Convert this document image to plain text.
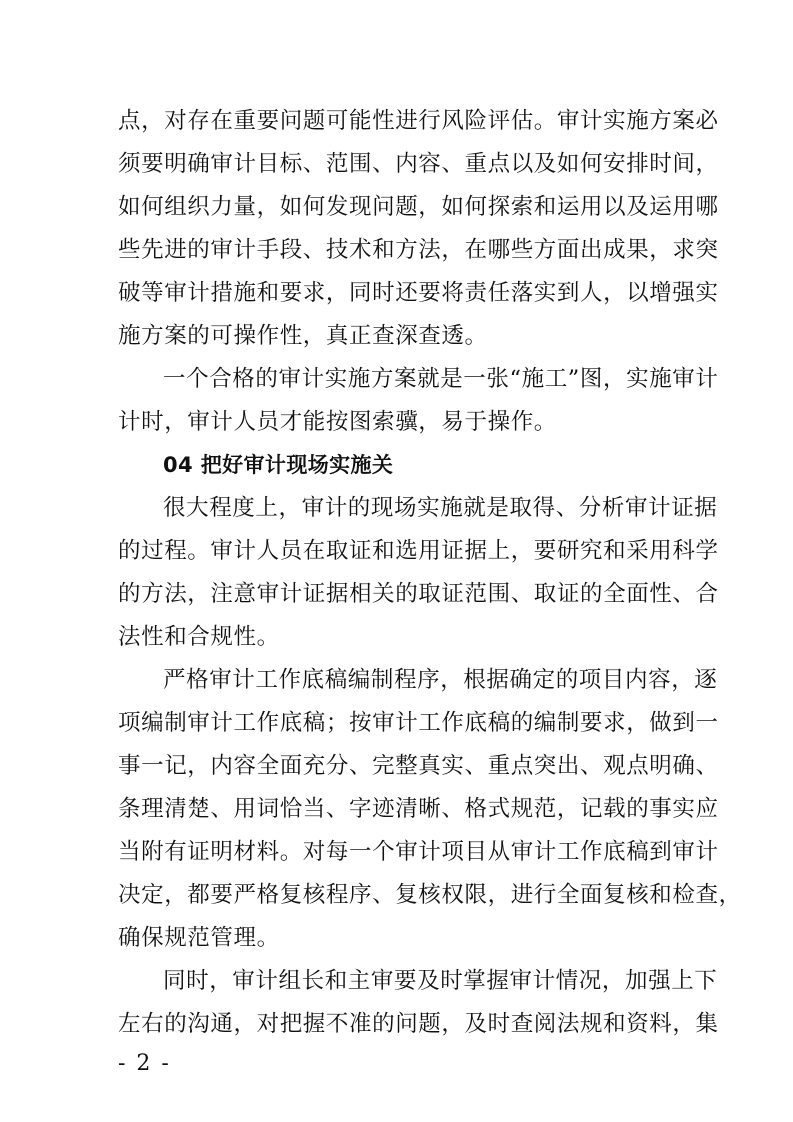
点，对存在重要问题可能性进行风险评估。审计实施方案必
须要明确审计目标、范围、内容、重点以及如何安排时间，
如何组织力量，如何发现问题，如何探索和运用以及运用哪
些先进的审计手段、技术和方法，在哪些方面出成果，求突
破等审计措施和要求，同时还要将责任落实到人，以增强实
施方案的可操作性，真正查深查透。
一个合格的审计实施方案就是一张“施工”图，实施审计
计时，审计人员才能按图索骥，易于操作。
04 把好审计现场实施关
很大程度上，审计的现场实施就是取得、分析审计证据
的过程。审计人员在取证和选用证据上，要研究和采用科学
的方法，注意审计证据相关的取证范围、取证的全面性、合
法性和合规性。
严格审计工作底稿编制程序，根据确定的项目内容，逐
项编制审计工作底稿；按审计工作底稿的编制要求，做到一
事一记，内容全面充分、完整真实、重点突出、观点明确、
条理清楚、用词恰当、字迹清晰、格式规范，记载的事实应
当附有证明材料。对每一个审计项目从审计工作底稿到审计
决定，都要严格复核程序、复核权限，进行全面复核和检查，
确保规范管理。
同时，审计组长和主审要及时掌握审计情况，加强上下
左右的沟通，对把握不准的问题，及时查阅法规和资料，集
- 2 -
